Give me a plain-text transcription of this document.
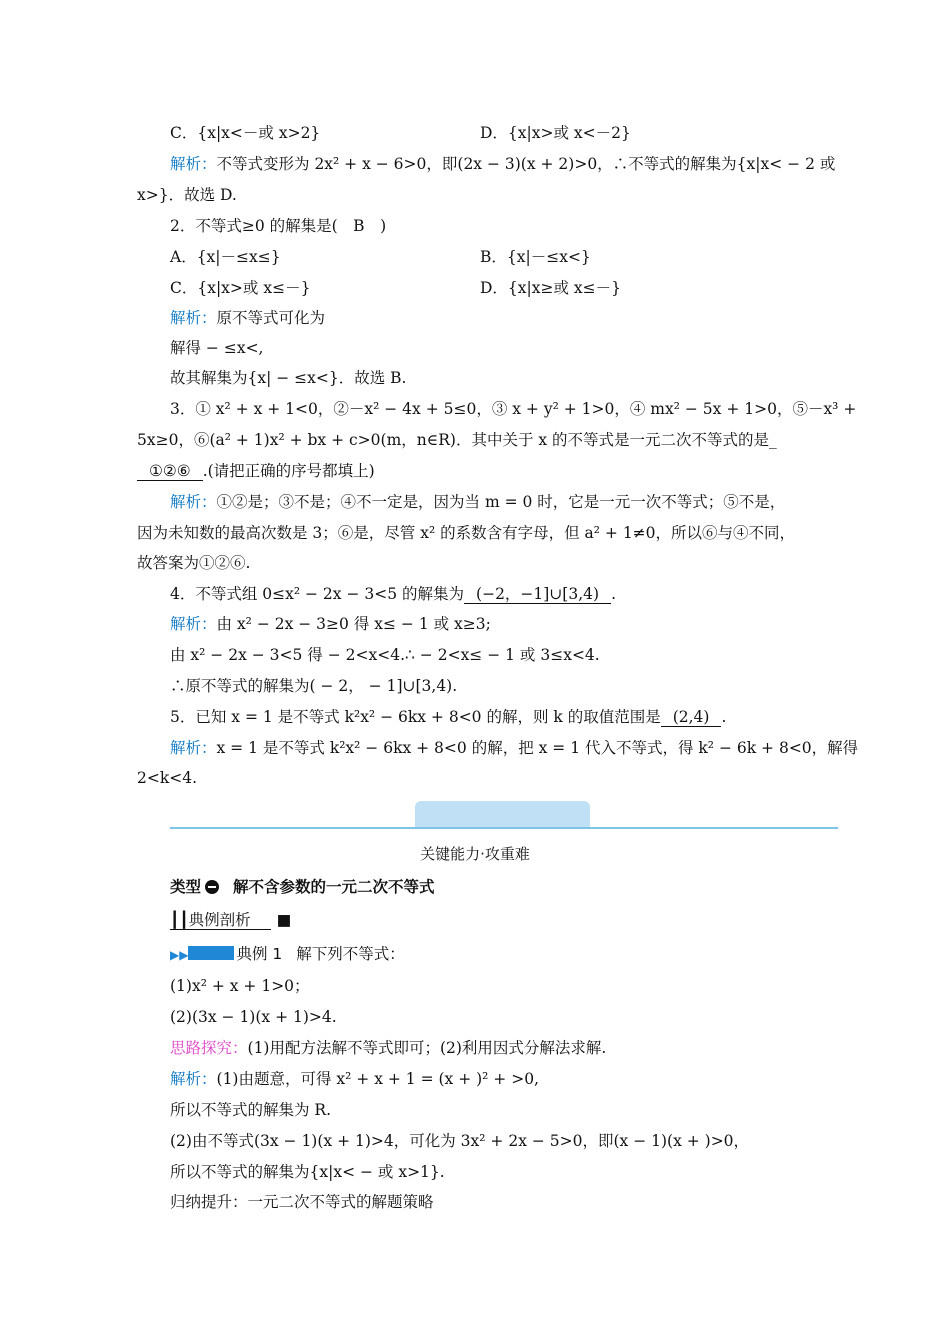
C．{x|x<－或 x>2}	D．{x|x>或 x<－2}
解析：不等式变形为 2x² + x − 6>0，即(2x − 3)(x + 2)>0，∴不等式的解集为{x|x< − 2 或
x>}．故选 D.
2．不等式≥0 的解集是(　B　)
A．{x|－≤x≤}	B．{x|－≤x<}
C．{x|x>或 x≤－}	D．{x|x≥或 x≤－}
解析：原不等式可化为
解得 − ≤x<,
故其解集为{x| − ≤x<}．故选 B.
3．① x² + x + 1<0，②－x² − 4x + 5≤0，③ x + y² + 1>0，④ mx² − 5x + 1>0，⑤－x³ +
5x≥0，⑥(a² + 1)x² + bx + c>0(m，n∈R)．其中关于 x 的不等式是一元二次不等式的是_
①②⑥ .(请把正确的序号都填上)
解析：①②是；③不是；④不一定是，因为当 m = 0 时，它是一元一次不等式；⑤不是，
因为未知数的最高次数是 3；⑥是，尽管 x² 的系数含有字母，但 a² + 1≠0，所以⑥与④不同，
故答案为①②⑥.
4．不等式组 0≤x² − 2x − 3<5 的解集为 (−2，−1]∪[3,4) .
解析：由 x² − 2x − 3≥0 得 x≤ − 1 或 x≥3;
由 x² − 2x − 3<5 得 − 2<x<4.∴ − 2<x≤ − 1 或 3≤x<4.
∴原不等式的解集为( − 2， − 1]∪[3,4).
5．已知 x = 1 是不等式 k²x² − 6kx + 8<0 的解，则 k 的取值范围是 (2,4) .
解析：x = 1 是不等式 k²x² − 6kx + 8<0 的解，把 x = 1 代入不等式，得 k² − 6k + 8<0，解得
2<k<4.
关键能力·攻重难
类型 解不含参数的一元二次不等式
┃┃典例剖析 ■
▶▶	典例 1 解下列不等式：
(1)x² + x + 1>0；
(2)(3x − 1)(x + 1)>4.
思路探究：(1)用配方法解不等式即可；(2)利用因式分解法求解.
解析：(1)由题意，可得 x² + x + 1 = (x + )² + >0,
所以不等式的解集为 R.
(2)由不等式(3x − 1)(x + 1)>4，可化为 3x² + 2x − 5>0，即(x − 1)(x + )>0，
所以不等式的解集为{x|x< − 或 x>1}.
归纳提升：一元二次不等式的解题策略
